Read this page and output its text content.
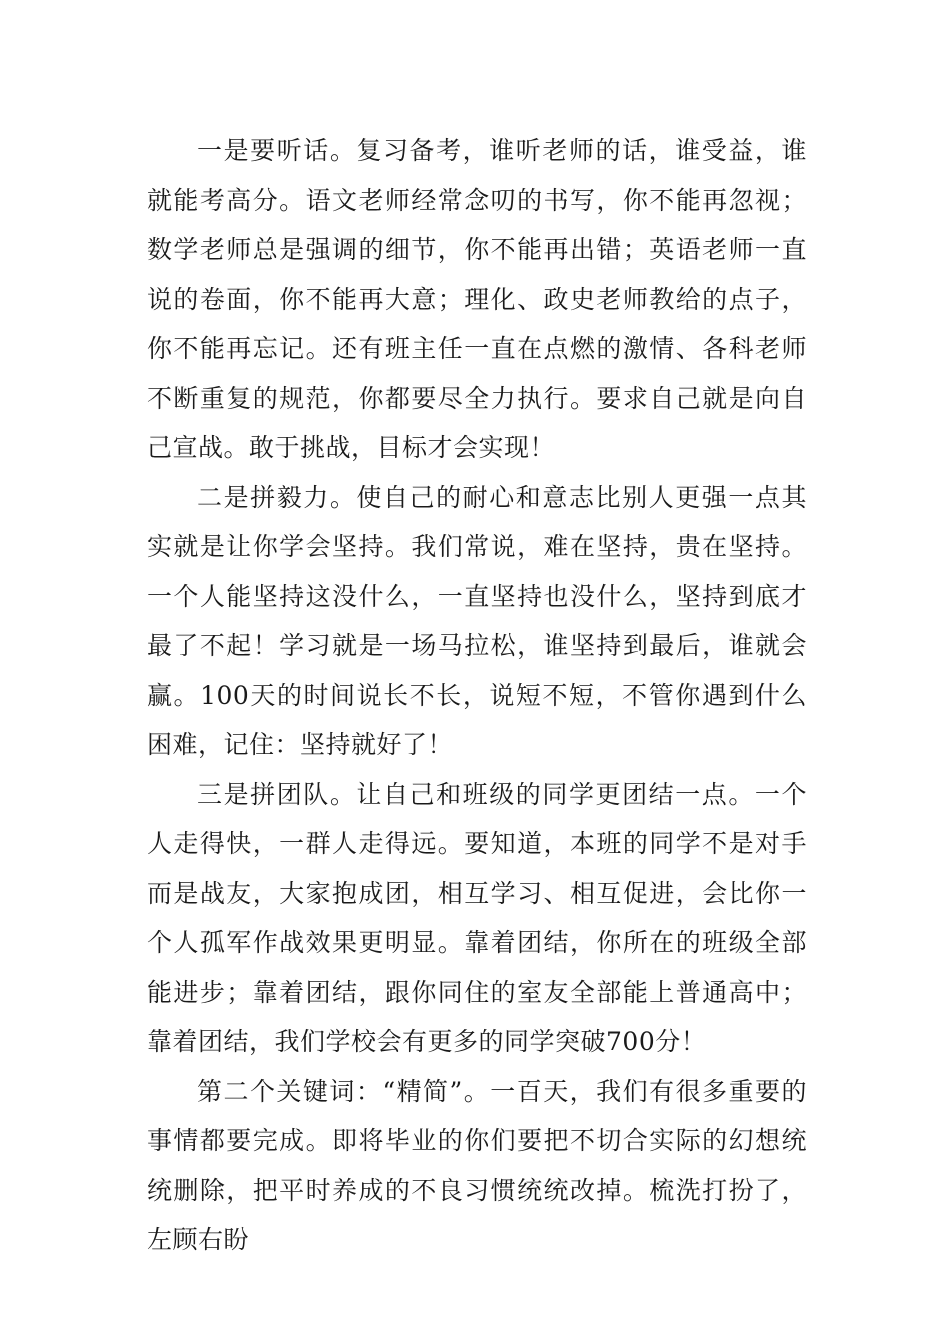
一是要听话。复习备考，谁听老师的话，谁受益，谁就能考高分。语文老师经常念叨的书写，你不能再忽视；数学老师总是强调的细节，你不能再出错；英语老师一直说的卷面，你不能再大意；理化、政史老师教给的点子，你不能再忘记。还有班主任一直在点燃的激情、各科老师不断重复的规范，你都要尽全力执行。要求自己就是向自己宣战。敢于挑战，目标才会实现！

二是拼毅力。使自己的耐心和意志比别人更强一点其实就是让你学会坚持。我们常说，难在坚持，贵在坚持。一个人能坚持这没什么，一直坚持也没什么，坚持到底才最了不起！学习就是一场马拉松，谁坚持到最后，谁就会赢。100天的时间说长不长，说短不短，不管你遇到什么困难，记住：坚持就好了！

三是拼团队。让自己和班级的同学更团结一点。一个人走得快，一群人走得远。要知道，本班的同学不是对手而是战友，大家抱成团，相互学习、相互促进，会比你一个人孤军作战效果更明显。靠着团结，你所在的班级全部能进步；靠着团结，跟你同住的室友全部能上普通高中；靠着团结，我们学校会有更多的同学突破700分！

第二个关键词：“精简”。一百天，我们有很多重要的事情都要完成。即将毕业的你们要把不切合实际的幻想统统删除，把平时养成的不良习惯统统改掉。梳洗打扮了，左顾右盼
